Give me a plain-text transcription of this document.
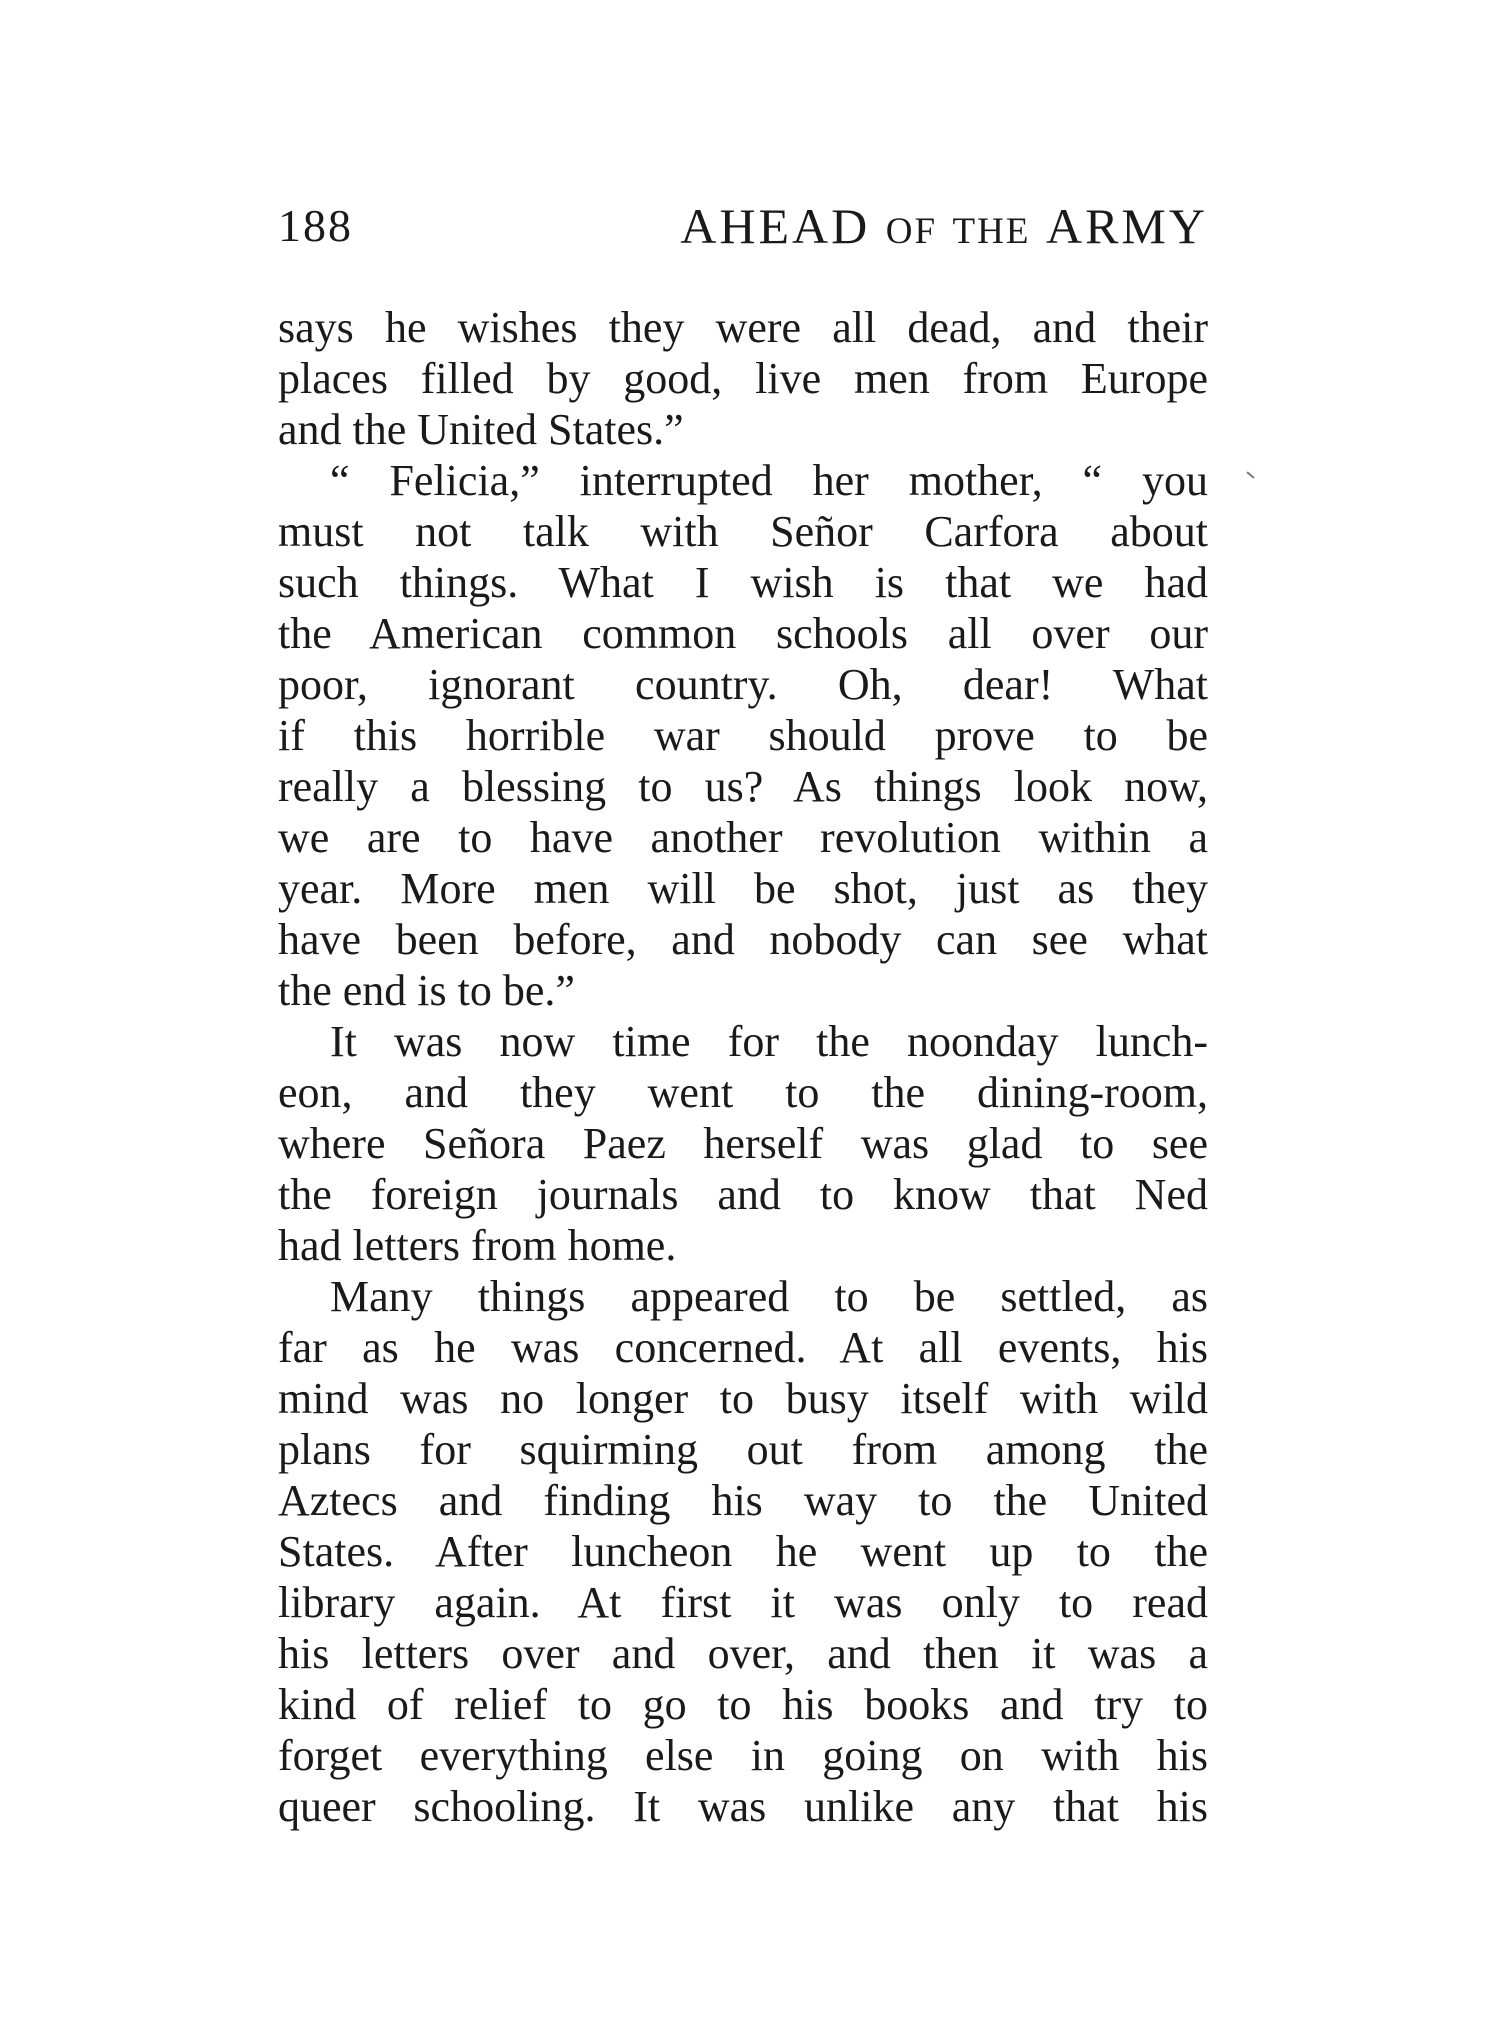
188	AHEAD OF THE ARMY
says he wishes they were all dead, and their
places filled by good, live men from Europe
and the United States.”
“ Felicia,” interrupted her mother, “ you
must not talk with Señor Carfora about
such things. What I wish is that we had
the American common schools all over our
poor, ignorant country. Oh, dear! What
if this horrible war should prove to be
really a blessing to us? As things look now,
we are to have another revolution within a
year. More men will be shot, just as they
have been before, and nobody can see what
the end is to be.”
It was now time for the noonday lunch-
eon, and they went to the dining-room,
where Señora Paez herself was glad to see
the foreign journals and to know that Ned
had letters from home.
Many things appeared to be settled, as
far as he was concerned. At all events, his
mind was no longer to busy itself with wild
plans for squirming out from among the
Aztecs and finding his way to the United
States. After luncheon he went up to the
library again. At first it was only to read
his letters over and over, and then it was a
kind of relief to go to his books and try to
forget everything else in going on with his
queer schooling. It was unlike any that his
